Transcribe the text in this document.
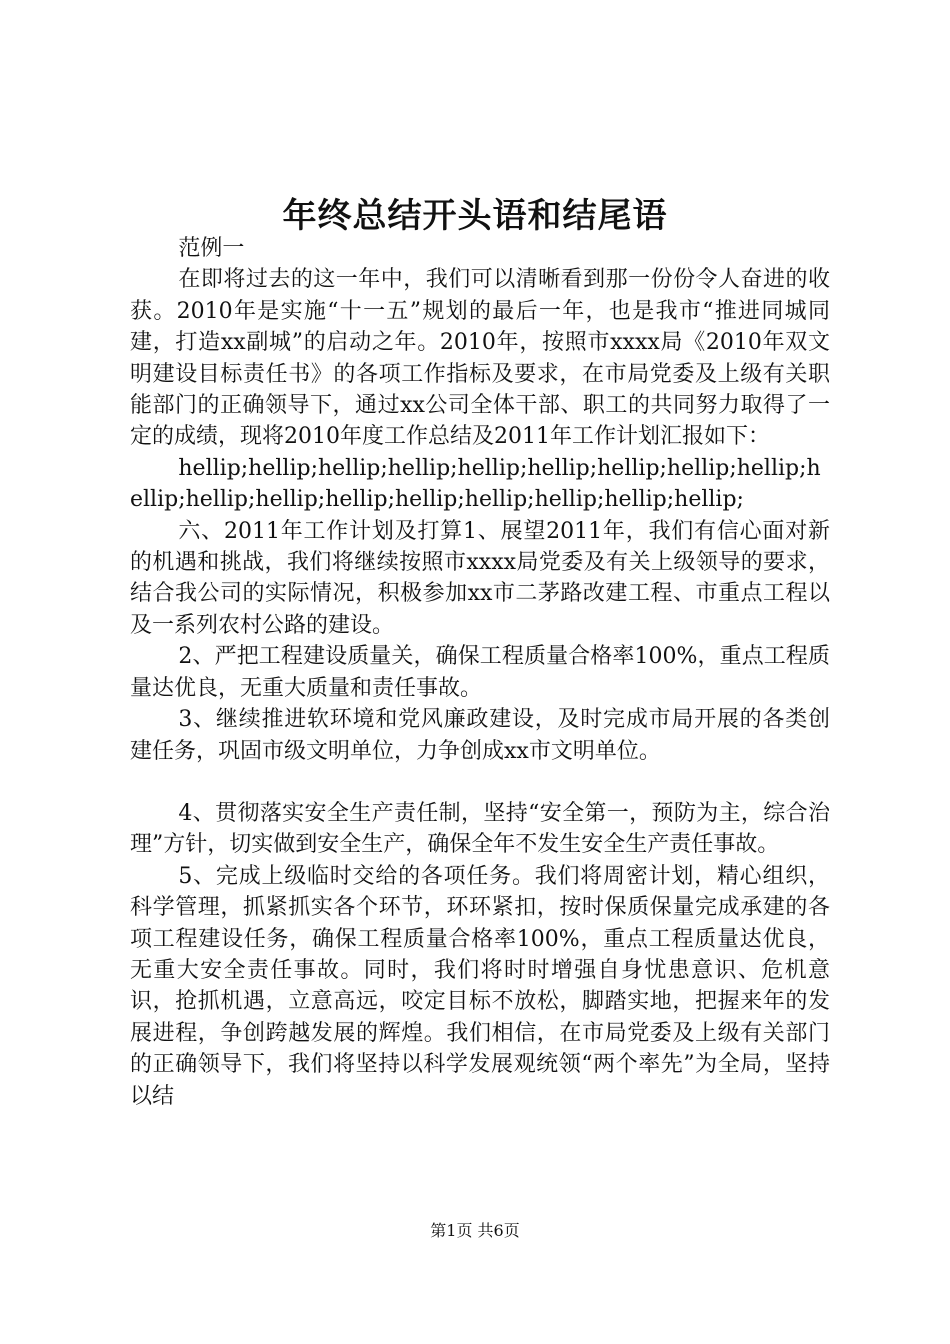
年终总结开头语和结尾语

范例一

在即将过去的这一年中，我们可以清晰看到那一份份令人奋进的收获。2010年是实施“十一五”规划的最后一年，也是我市“推进同城同建，打造xx副城”的启动之年。2010年，按照市xxxx局《2010年双文明建设目标责任书》的各项工作指标及要求，在市局党委及上级有关职能部门的正确领导下，通过xx公司全体干部、职工的共同努力取得了一定的成绩，现将2010年度工作总结及2011年工作计划汇报如下：

hellip;hellip;hellip;hellip;hellip;hellip;hellip;hellip;hellip;hellip;hellip;hellip;hellip;hellip;hellip;hellip;hellip;hellip;

六、2011年工作计划及打算1、展望2011年，我们有信心面对新的机遇和挑战，我们将继续按照市xxxx局党委及有关上级领导的要求，结合我公司的实际情况，积极参加xx市二茅路改建工程、市重点工程以及一系列农村公路的建设。

2、严把工程建设质量关，确保工程质量合格率100%，重点工程质量达优良，无重大质量和责任事故。

3、继续推进软环境和党风廉政建设，及时完成市局开展的各类创建任务，巩固市级文明单位，力争创成xx市文明单位。

4、贯彻落实安全生产责任制，坚持“安全第一，预防为主，综合治理”方针，切实做到安全生产，确保全年不发生安全生产责任事故。

5、完成上级临时交给的各项任务。我们将周密计划，精心组织，科学管理，抓紧抓实各个环节，环环紧扣，按时保质保量完成承建的各项工程建设任务，确保工程质量合格率100%，重点工程质量达优良，无重大安全责任事故。同时，我们将时时增强自身忧患意识、危机意识，抢抓机遇，立意高远，咬定目标不放松，脚踏实地，把握来年的发展进程，争创跨越发展的辉煌。我们相信，在市局党委及上级有关部门的正确领导下，我们将坚持以科学发展观统领“两个率先”为全局，坚持以结

第1页 共6页
